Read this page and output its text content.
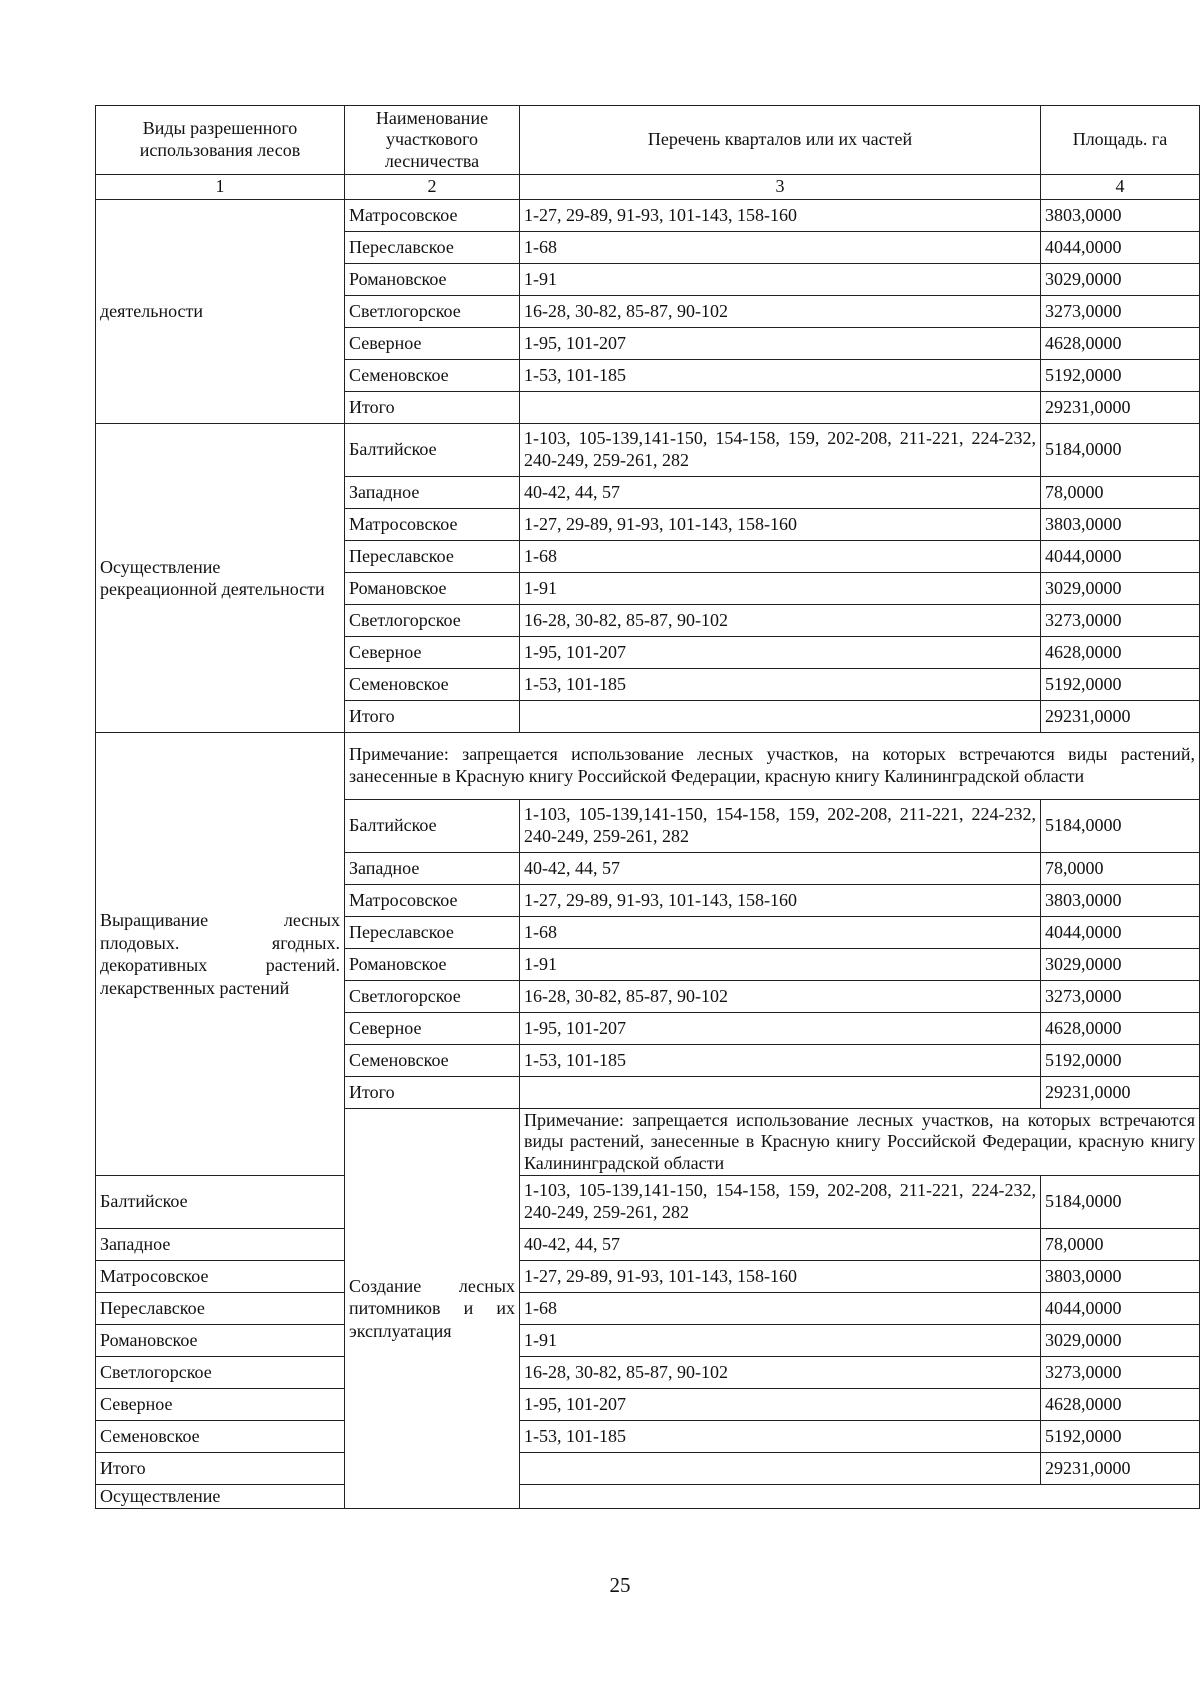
Виды разрешенного использования лесов	Наименование участкового лесничества	Перечень кварталов или их частей	Площадь. га
1	2	3	4
деятельности	Матросовское	1-27, 29-89, 91-93, 101-143, 158-160	3803,0000
	Переславское	1-68	4044,0000
	Романовское	1-91	3029,0000
	Светлогорское	16-28, 30-82, 85-87, 90-102	3273,0000
	Северное	1-95, 101-207	4628,0000
	Семеновское	1-53, 101-185	5192,0000
	Итого		29231,0000
Осуществление рекреационной деятельности	Балтийское	1-103, 105-139,141-150, 154-158, 159, 202-208, 211-221, 224-232, 240-249, 259-261, 282	5184,0000
	Западное	40-42, 44, 57	78,0000
	Матросовское	1-27, 29-89, 91-93, 101-143, 158-160	3803,0000
	Переславское	1-68	4044,0000
	Романовское	1-91	3029,0000
	Светлогорское	16-28, 30-82, 85-87, 90-102	3273,0000
	Северное	1-95, 101-207	4628,0000
	Семеновское	1-53, 101-185	5192,0000
	Итого		29231,0000
Выращивание лесных плодовых. ягодных. декоративных растений. лекарственных растений	Примечание: запрещается использование лесных участков, на которых встречаются виды растений, занесенные в Красную книгу Российской Федерации, красную книгу Калининградской области		
	Балтийское	1-103, 105-139,141-150, 154-158, 159, 202-208, 211-221, 224-232, 240-249, 259-261, 282	5184,0000
	Западное	40-42, 44, 57	78,0000
	Матросовское	1-27, 29-89, 91-93, 101-143, 158-160	3803,0000
	Переславское	1-68	4044,0000
	Романовское	1-91	3029,0000
	Светлогорское	16-28, 30-82, 85-87, 90-102	3273,0000
	Северное	1-95, 101-207	4628,0000
	Семеновское	1-53, 101-185	5192,0000
	Итого		29231,0000
	Создание лесных питомников и их эксплуатация	Примечание: запрещается использование лесных участков, на которых встречаются виды растений, занесенные в Красную книгу Российской Федерации, красную книгу Калининградской области	
Балтийское		1-103, 105-139,141-150, 154-158, 159, 202-208, 211-221, 224-232, 240-249, 259-261, 282	5184,0000
Западное		40-42, 44, 57	78,0000
Матросовское		1-27, 29-89, 91-93, 101-143, 158-160	3803,0000
Переславское		1-68	4044,0000
Романовское		1-91	3029,0000
Светлогорское		16-28, 30-82, 85-87, 90-102	3273,0000
Северное		1-95, 101-207	4628,0000
Семеновское		1-53, 101-185	5192,0000
Итого			29231,0000
Осуществление			
25
